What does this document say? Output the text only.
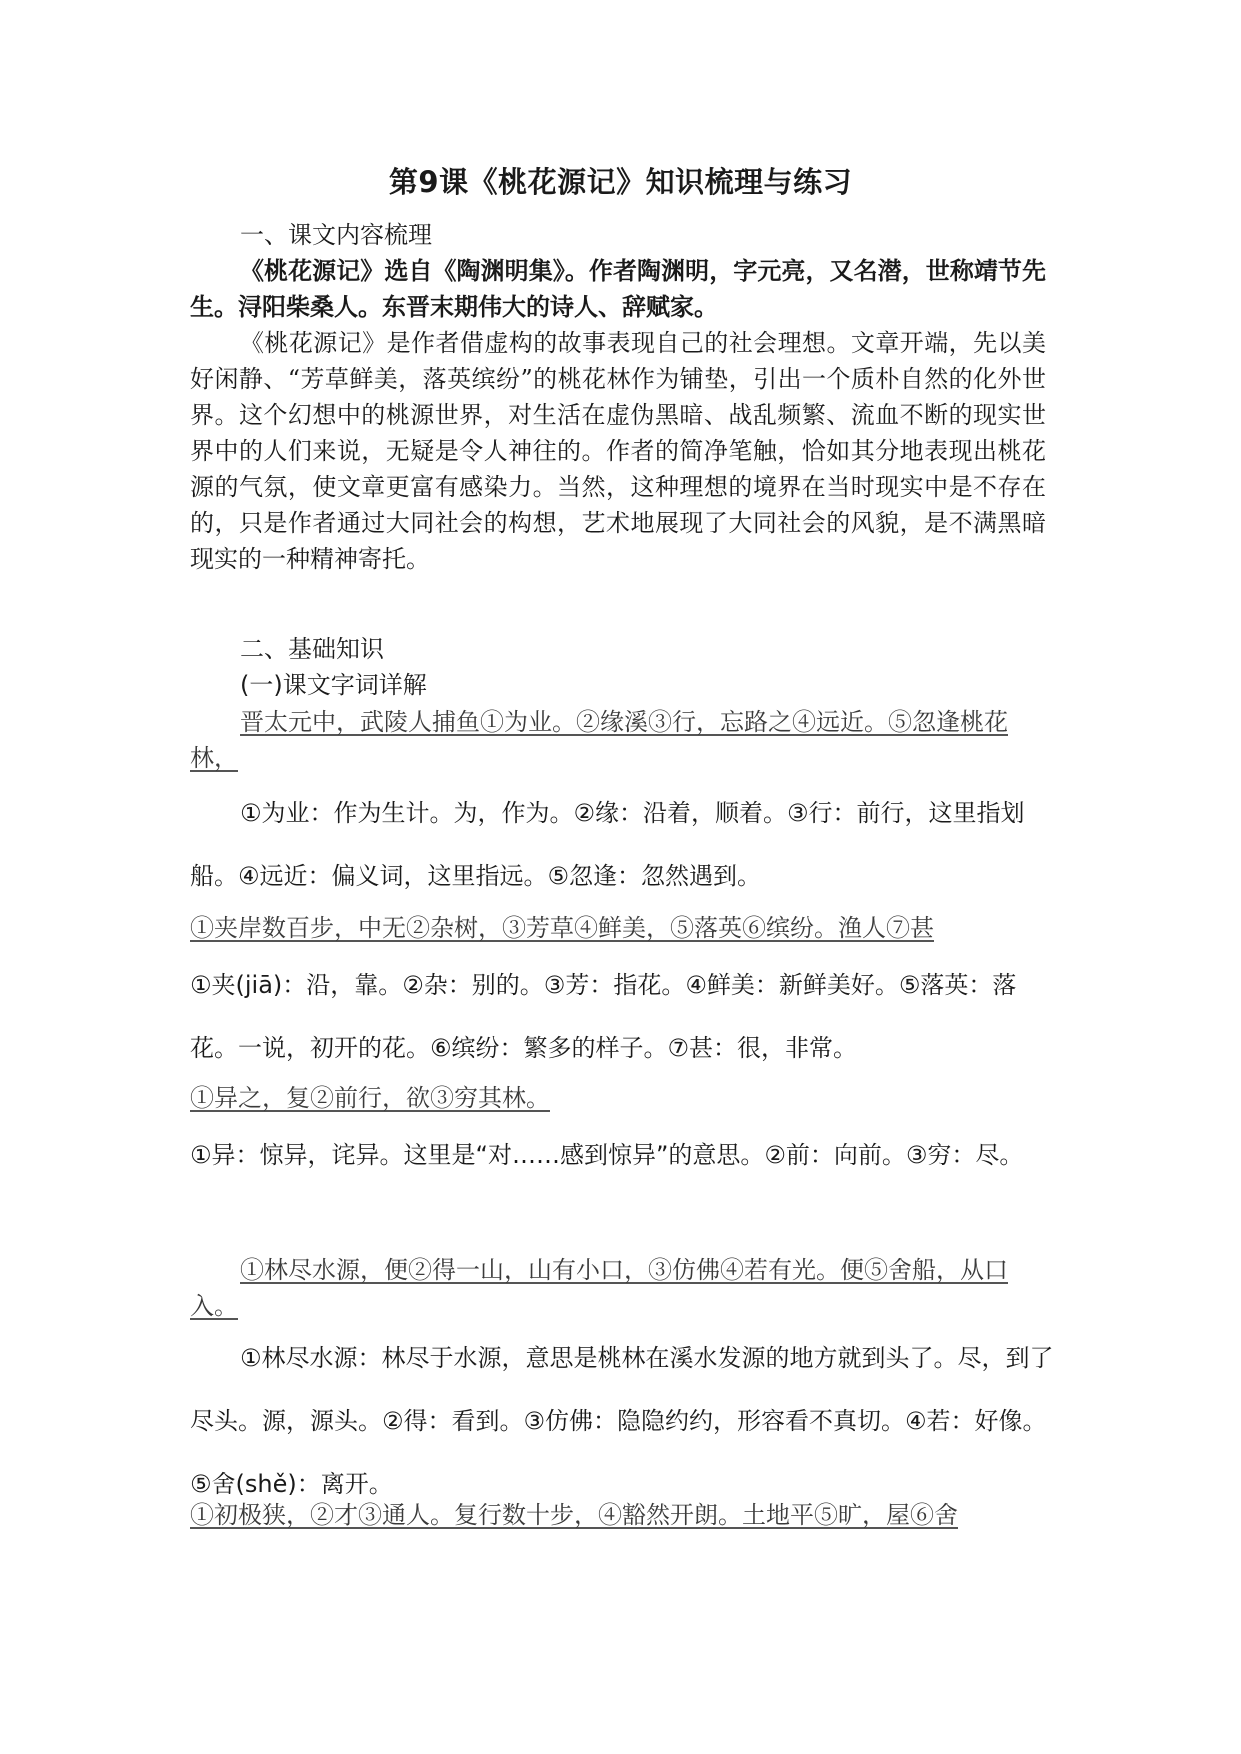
第9课《桃花源记》知识梳理与练习
一、课文内容梳理

《桃花源记》选自《陶渊明集》。作者陶渊明，字元亮，又名潜，世称靖节先生。浔阳柴桑人。东晋末期伟大的诗人、辞赋家。

《桃花源记》是作者借虚构的故事表现自己的社会理想。文章开端，先以美好闲静、“芳草鲜美，落英缤纷”的桃花林作为铺垫，引出一个质朴自然的化外世界。这个幻想中的桃源世界，对生活在虚伪黑暗、战乱频繁、流血不断的现实世界中的人们来说，无疑是令人神往的。作者的简净笔触，恰如其分地表现出桃花源的气氛，使文章更富有感染力。当然，这种理想的境界在当时现实中是不存在的，只是作者通过大同社会的构想，艺术地展现了大同社会的风貌，是不满黑暗现实的一种精神寄托。

二、基础知识
(一)课文字词详解

晋太元中，武陵人捕鱼①为业。②缘溪③行，忘路之④远近。⑤忽逢桃花林，

①为业：作为生计。为，作为。②缘：沿着，顺着。③行：前行，这里指划船。④远近：偏义词，这里指远。⑤忽逢：忽然遇到。

①夹岸数百步，中无②杂树，③芳草④鲜美，⑤落英⑥缤纷。渔人⑦甚

①夹(jiā)：沿，靠。②杂：别的。③芳：指花。④鲜美：新鲜美好。⑤落英：落花。一说，初开的花。⑥缤纷：繁多的样子。⑦甚：很，非常。

①异之，复②前行，欲③穷其林。

①异：惊异，诧异。这里是“对……感到惊异”的意思。②前：向前。③穷：尽。

①林尽水源，便②得一山，山有小口，③仿佛④若有光。便⑤舍船，从口入。

①林尽水源：林尽于水源，意思是桃林在溪水发源的地方就到头了。尽，到了尽头。源，源头。②得：看到。③仿佛：隐隐约约，形容看不真切。④若：好像。⑤舍(shě)：离开。

①初极狭，②才③通人。复行数十步，④豁然开朗。土地平⑤旷，屋⑥舍
